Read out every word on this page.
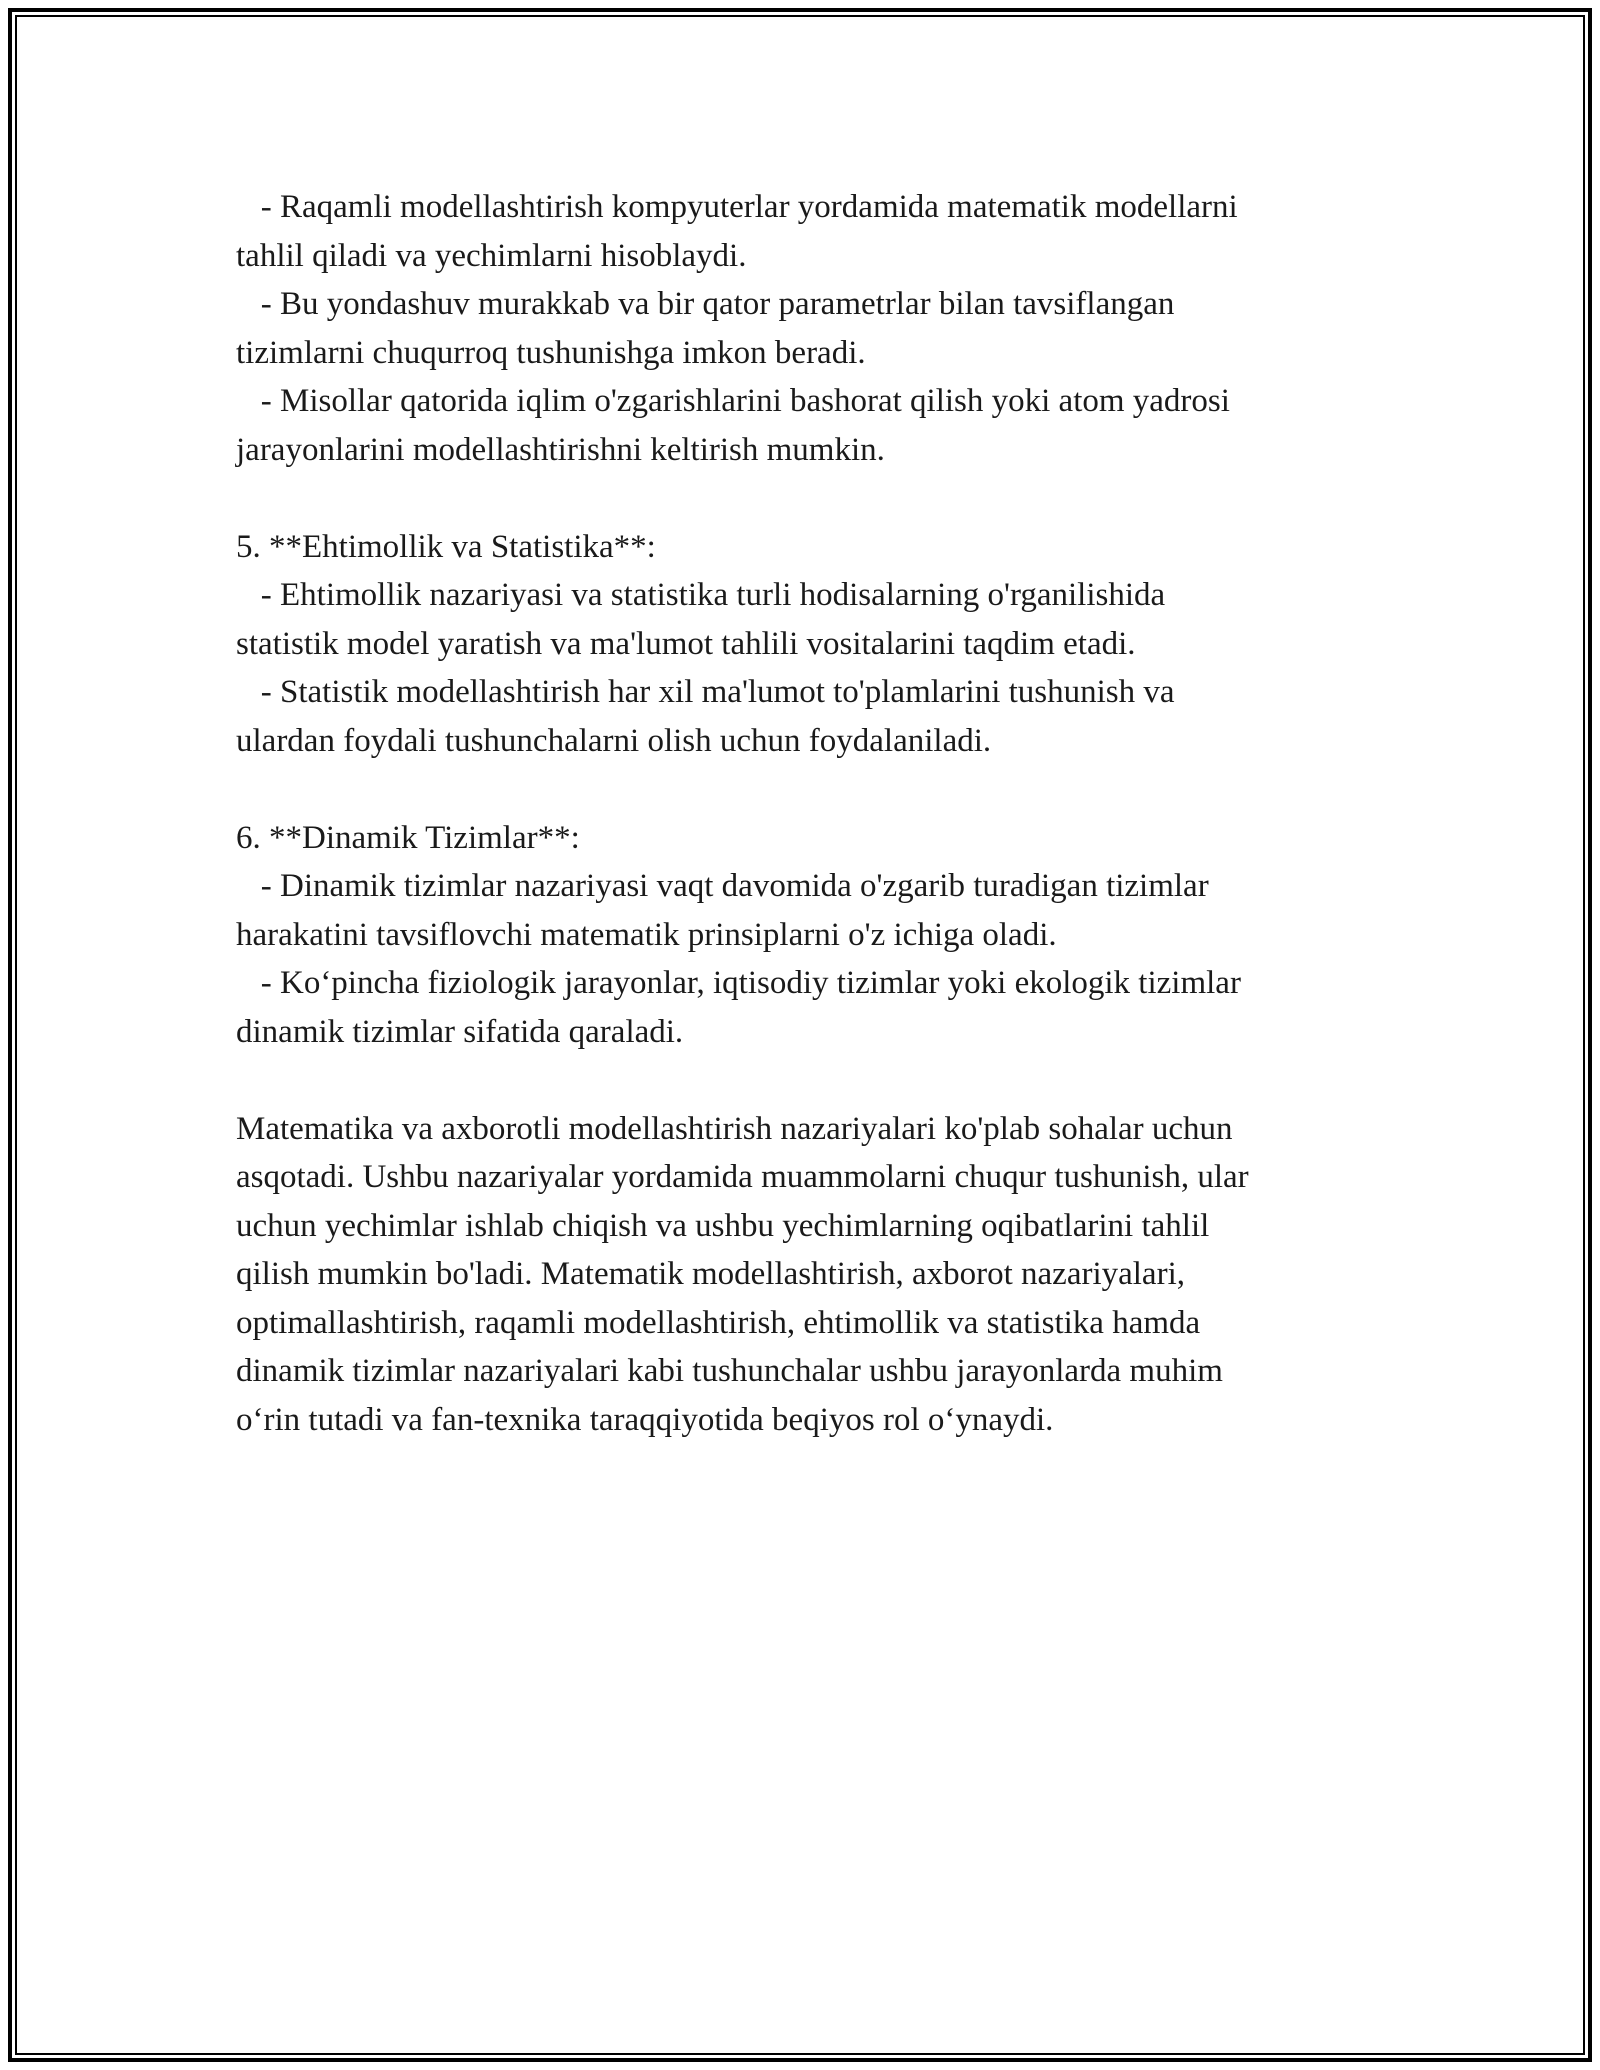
- Raqamli modellashtirish kompyuterlar yordamida matematik modellarni
tahlil qiladi va yechimlarni hisoblaydi.
- Bu yondashuv murakkab va bir qator parametrlar bilan tavsiflangan
tizimlarni chuqurroq tushunishga imkon beradi.
- Misollar qatorida iqlim o'zgarishlarini bashorat qilish yoki atom yadrosi
jarayonlarini modellashtirishni keltirish mumkin.
5. **Ehtimollik va Statistika**:
- Ehtimollik nazariyasi va statistika turli hodisalarning o'rganilishida
statistik model yaratish va ma'lumot tahlili vositalarini taqdim etadi.
- Statistik modellashtirish har xil ma'lumot to'plamlarini tushunish va
ulardan foydali tushunchalarni olish uchun foydalaniladi.
6. **Dinamik Tizimlar**:
- Dinamik tizimlar nazariyasi vaqt davomida o'zgarib turadigan tizimlar
harakatini tavsiflovchi matematik prinsiplarni o'z ichiga oladi.
- Ko‘pincha fiziologik jarayonlar, iqtisodiy tizimlar yoki ekologik tizimlar
dinamik tizimlar sifatida qaraladi.
Matematika va axborotli modellashtirish nazariyalari ko'plab sohalar uchun
asqotadi. Ushbu nazariyalar yordamida muammolarni chuqur tushunish, ular
uchun yechimlar ishlab chiqish va ushbu yechimlarning oqibatlarini tahlil
qilish mumkin bo'ladi. Matematik modellashtirish, axborot nazariyalari,
optimallashtirish, raqamli modellashtirish, ehtimollik va statistika hamda
dinamik tizimlar nazariyalari kabi tushunchalar ushbu jarayonlarda muhim
o‘rin tutadi va fan-texnika taraqqiyotida beqiyos rol o‘ynaydi.
